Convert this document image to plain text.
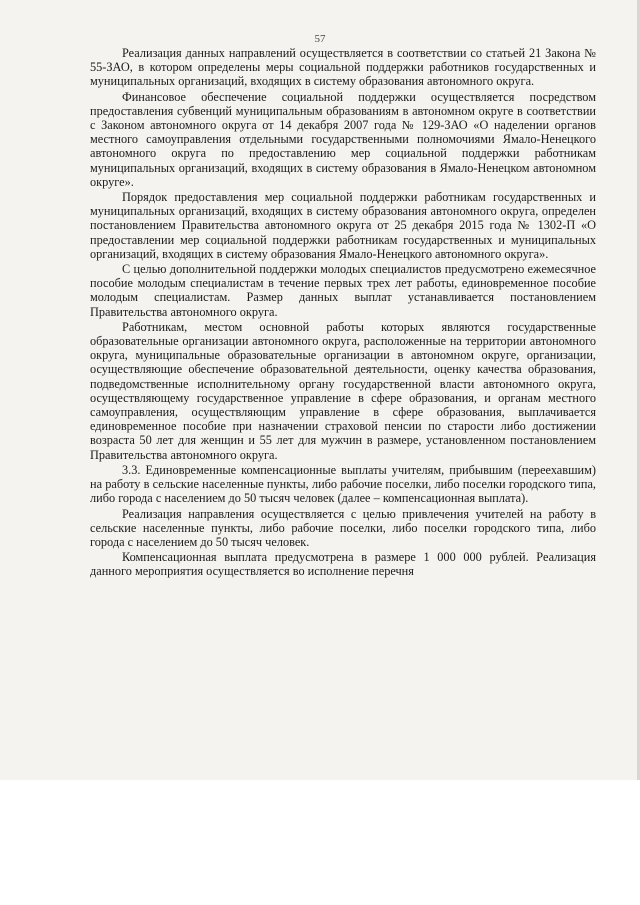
57

Реализация данных направлений осуществляется в соответствии со статьей 21 Закона № 55-ЗАО, в котором определены меры социальной поддержки работников государственных и муниципальных организаций, входящих в систему образования автономного округа.

Финансовое обеспечение социальной поддержки осуществляется посредством предоставления субвенций муниципальным образованиям в автономном округе в соответствии с Законом автономного округа от 14 декабря 2007 года № 129-ЗАО «О наделении органов местного самоуправления отдельными государственными полномочиями Ямало-Ненецкого автономного округа по предоставлению мер социальной поддержки работникам муниципальных организаций, входящих в систему образования в Ямало-Ненецком автономном округе».

Порядок предоставления мер социальной поддержки работникам государственных и муниципальных организаций, входящих в систему образования автономного округа, определен постановлением Правительства автономного округа от 25 декабря 2015 года № 1302-П «О предоставлении мер социальной поддержки работникам государственных и муниципальных организаций, входящих в систему образования Ямало-Ненецкого автономного округа».

С целью дополнительной поддержки молодых специалистов предусмотрено ежемесячное пособие молодым специалистам в течение первых трех лет работы, единовременное пособие молодым специалистам. Размер данных выплат устанавливается постановлением Правительства автономного округа.

Работникам, местом основной работы которых являются государственные образовательные организации автономного округа, расположенные на территории автономного округа, муниципальные образовательные организации в автономном округе, организации, осуществляющие обеспечение образовательной деятельности, оценку качества образования, подведомственные исполнительному органу государственной власти автономного округа, осуществляющему государственное управление в сфере образования, и органам местного самоуправления, осуществляющим управление в сфере образования, выплачивается единовременное пособие при назначении страховой пенсии по старости либо достижении возраста 50 лет для женщин и 55 лет для мужчин в размере, установленном постановлением Правительства автономного округа.

3.3. Единовременные компенсационные выплаты учителям, прибывшим (переехавшим) на работу в сельские населенные пункты, либо рабочие поселки, либо поселки городского типа, либо города с населением до 50 тысяч человек (далее – компенсационная выплата).

Реализация направления осуществляется с целью привлечения учителей на работу в сельские населенные пункты, либо рабочие поселки, либо поселки городского типа, либо города с населением до 50 тысяч человек.

Компенсационная выплата предусмотрена в размере 1 000 000 рублей. Реализация данного мероприятия осуществляется во исполнение перечня
